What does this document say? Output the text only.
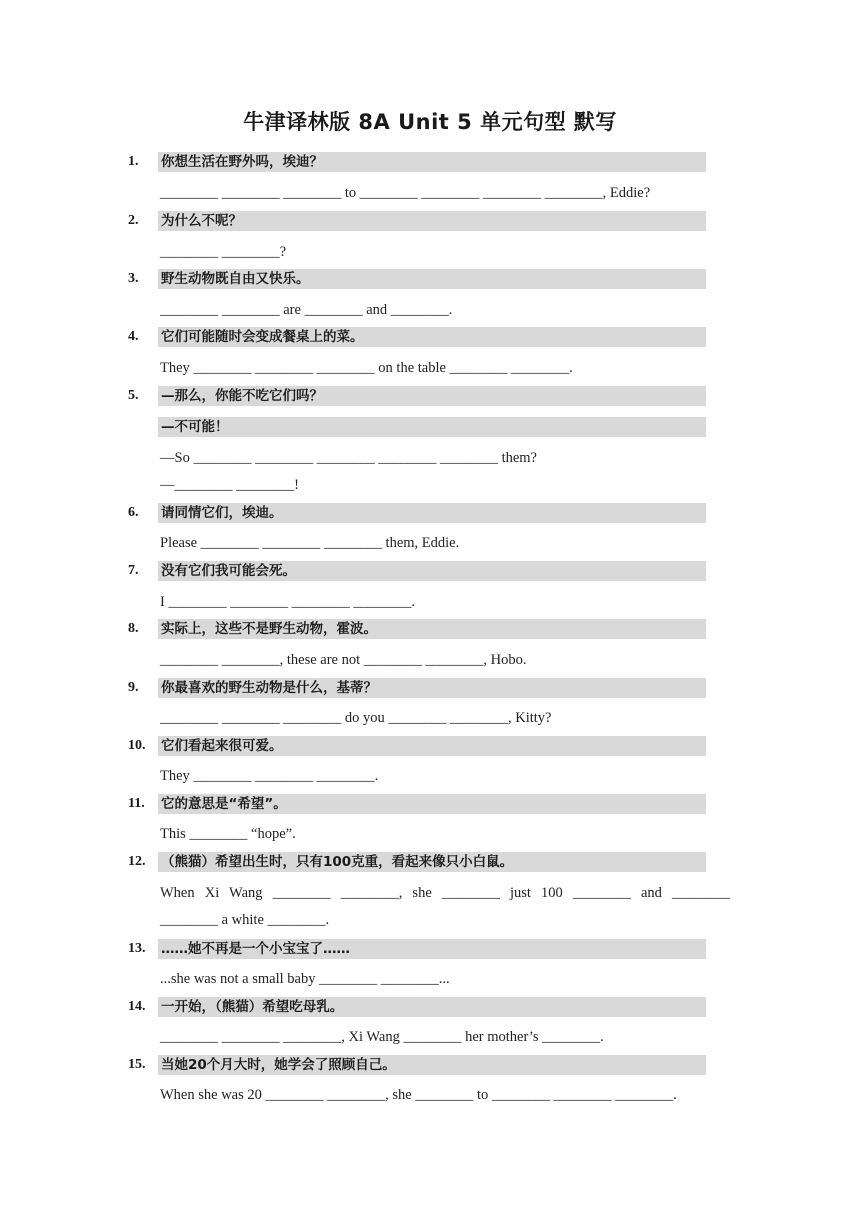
牛津译林版 8A Unit 5 单元句型 默写
1.	你想生活在野外吗，埃迪？
________ ________ ________ to ________ ________ ________ ________, Eddie?
2.	为什么不呢？
________ ________?
3.	野生动物既自由又快乐。
________ ________ are ________ and ________.
4.	它们可能随时会变成餐桌上的菜。
They ________ ________ ________ on the table ________ ________.
5.	—那么，你能不吃它们吗？
—不可能！
—So ________ ________ ________ ________ ________ them?
—________ ________!
6.	请同情它们，埃迪。
Please ________ ________ ________ them, Eddie.
7.	没有它们我可能会死。
I ________ ________ ________ ________.
8.	实际上，这些不是野生动物，霍波。
________ ________, these are not ________ ________, Hobo.
9.	你最喜欢的野生动物是什么，基蒂？
________ ________ ________ do you ________ ________, Kitty?
10.	它们看起来很可爱。
They ________ ________ ________.
11.	它的意思是“希望”。
This ________ “hope”.
12.	（熊猫）希望出生时，只有100克重，看起来像只小白鼠。
When Xi Wang ________ ________, she ________ just 100 ________ and ________
________ a white ________.
13.	……她不再是一个小宝宝了……
...she was not a small baby ________ ________...
14.	一开始，（熊猫）希望吃母乳。
________ ________ ________, Xi Wang ________ her mother’s ________.
15.	当她20个月大时，她学会了照顾自己。
When she was 20 ________ ________, she ________ to ________ ________ ________.
